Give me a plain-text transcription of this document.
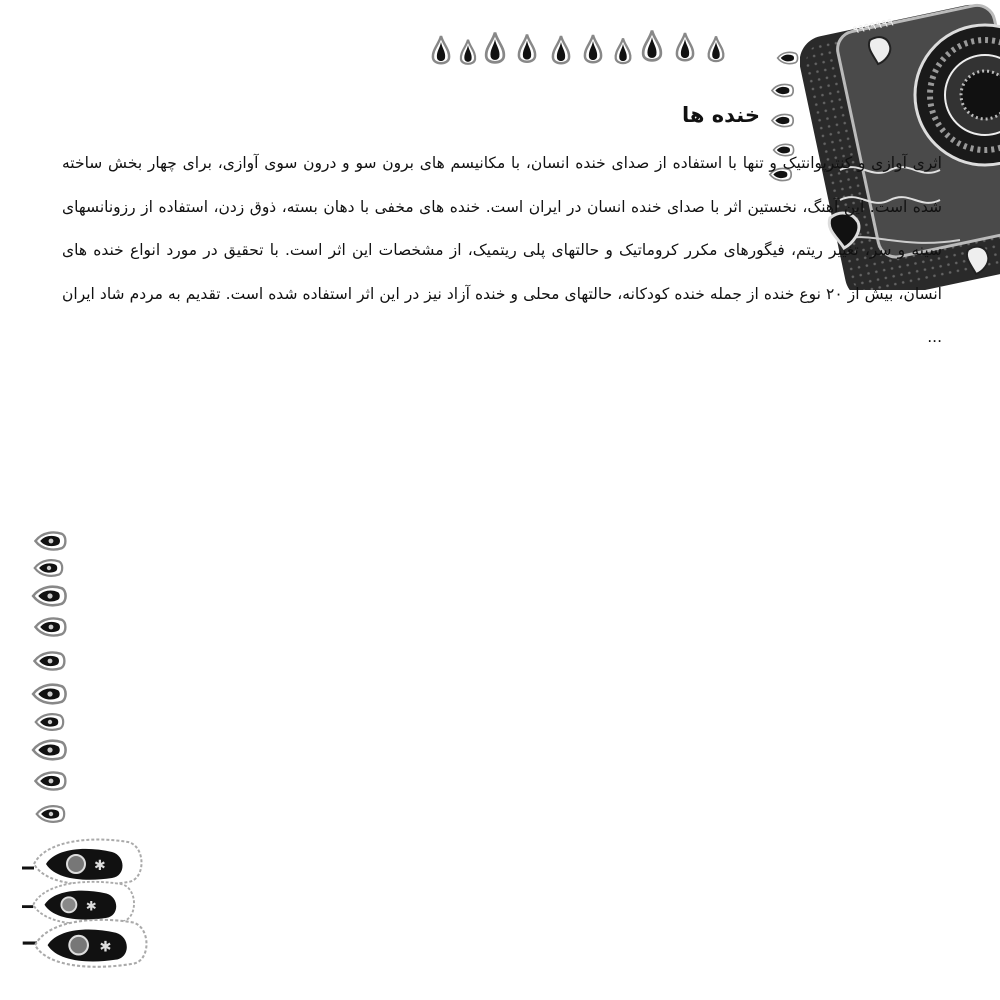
۹۹۹۹۹۹۹
✱
✱
✱
خنده ها

اثری آوازی و کنترپوانتیک و تنها با استفاده از صدای خنده انسان، با مکانیسم های برون سو و درون سوی آوازی، برای چهار بخش ساخته شده است. این آهنگ، نخستین اثر با صدای خنده انسان در ایران است. خنده های مخفی با دهان بسته، ذوق زدن، استفاده از رزونانسهای سینه و سر، تغییر ریتم، فیگورهای مکرر کروماتیک و حالتهای پلی ریتمیک، از مشخصات این اثر است. با تحقیق در مورد انواع خنده های انسان، بیش از ۲۰ نوع خنده از جمله خنده کودکانه، حالتهای محلی و خنده آزاد نیز در این اثر استفاده شده است. تقدیم به مردم شاد ایران ...
